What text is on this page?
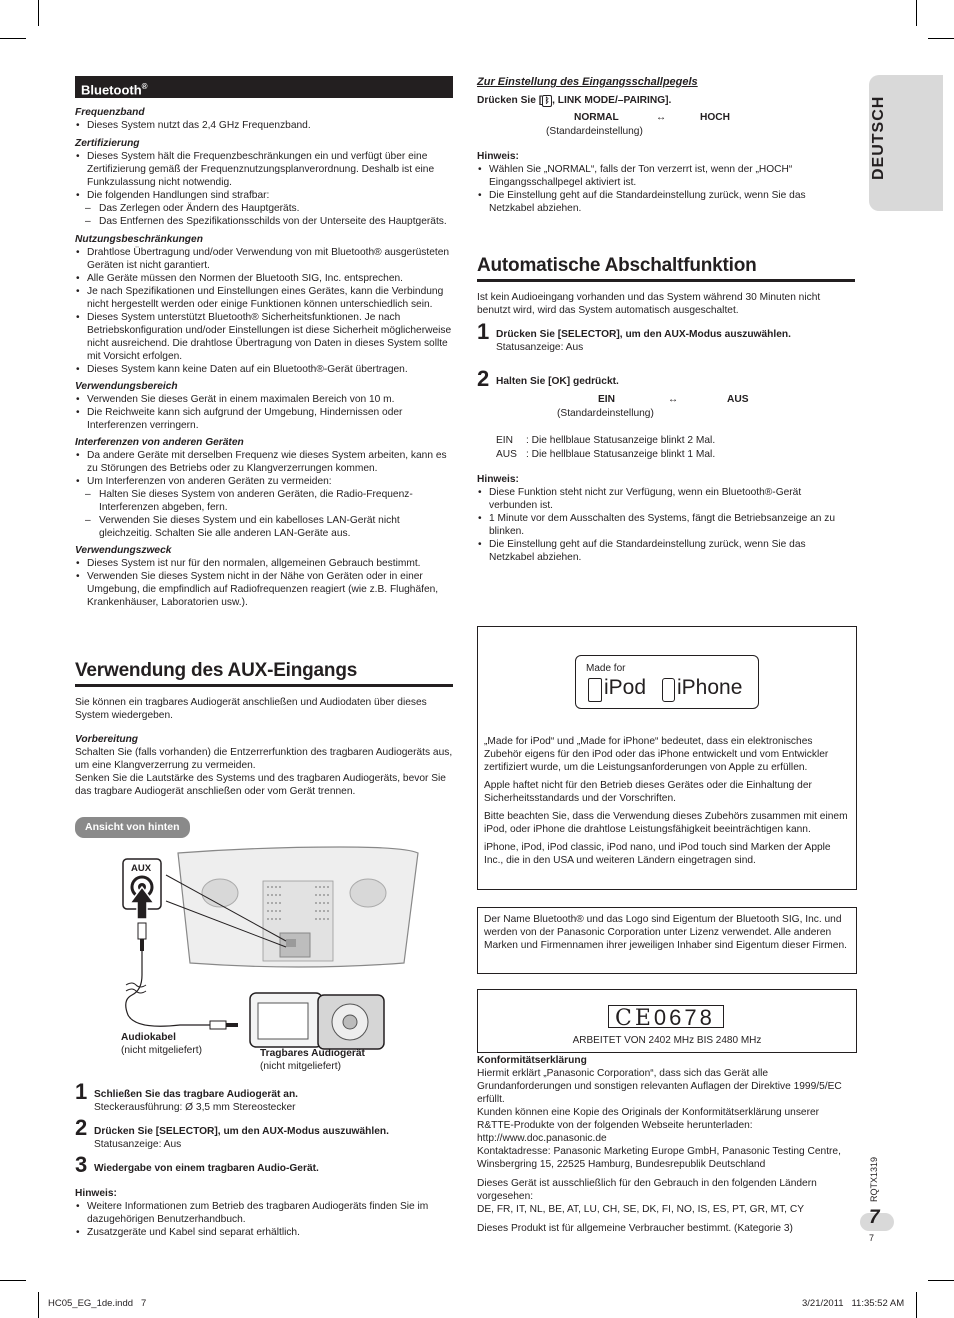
DEUTSCH
Bluetooth®

Frequenzband

• Dieses System nutzt das 2,4 GHz Frequenzband.

Zertifizierung

• Dieses System hält die Frequenzbeschränkungen ein und verfügt über eine Zertifizierung gemäß der Frequenznutzungsplanverordnung. Deshalb ist eine Funkzulassung nicht notwendig.
• Die folgenden Handlungen sind strafbar:
– Das Zerlegen oder Ändern des Hauptgeräts.
– Das Entfernen des Spezifikationsschilds von der Unterseite des Hauptgeräts.

Nutzungsbeschränkungen

• Drahtlose Übertragung und/oder Verwendung von mit Bluetooth® ausgerüsteten Geräten ist nicht garantiert.
• Alle Geräte müssen den Normen der Bluetooth SIG, Inc. entsprechen.
• Je nach Spezifikationen und Einstellungen eines Gerätes, kann die Verbindung nicht hergestellt werden oder einige Funktionen können unterschiedlich sein.
• Dieses System unterstützt Bluetooth® Sicherheitsfunktionen. Je nach Betriebskonfiguration und/oder Einstellungen ist diese Sicherheit möglicherweise nicht ausreichend. Die drahtlose Übertragung von Daten in dieses System sollte mit Vorsicht erfolgen.
• Dieses System kann keine Daten auf ein Bluetooth®-Gerät übertragen.

Verwendungsbereich

• Verwenden Sie dieses Gerät in einem maximalen Bereich von 10 m.
• Die Reichweite kann sich aufgrund der Umgebung, Hindernissen oder Interferenzen verringern.

Interferenzen von anderen Geräten

• Da andere Geräte mit derselben Frequenz wie dieses System arbeiten, kann es zu Störungen des Betriebs oder zu Klangverzerrungen kommen.
• Um Interferenzen von anderen Geräten zu vermeiden:
– Halten Sie dieses System von anderen Geräten, die Radio-Frequenz-Interferenzen abgeben, fern.
– Verwenden Sie dieses System und ein kabelloses LAN-Gerät nicht gleichzeitig. Schalten Sie alle anderen LAN-Geräte aus.

Verwendungszweck

• Dieses System ist nur für den normalen, allgemeinen Gebrauch bestimmt.
• Verwenden Sie dieses System nicht in der Nähe von Geräten oder in einer Umgebung, die empfindlich auf Radiofrequenzen reagiert (wie z.B. Flughäfen, Krankenhäuser, Laboratorien usw.).
Verwendung des AUX-Eingangs

Sie können ein tragbares Audiogerät anschließen und Audiodaten über dieses System wiedergeben.

Vorbereitung

Schalten Sie (falls vorhanden) die Entzerrerfunktion des tragbaren Audiogeräts aus, um eine Klangverzerrung zu vermeiden.

Senken Sie die Lautstärke des Systems und des tragbaren Audiogeräts, bevor Sie das tragbare Audiogerät anschließen oder vom Gerät trennen.

Ansicht von hinten
AUX

Audiokabel

(nicht mitgeliefert)	Tragbares Audiogerät

(nicht mitgeliefert)

1 Schließen Sie das tragbare Audiogerät an.

Steckerausführung: Ø 3,5 mm Stereostecker

2 Drücken Sie [SELECTOR], um den AUX-Modus auszuwählen.

Statusanzeige: Aus

3 Wiedergabe von einem tragbaren Audio-Gerät.

Hinweis:

• Weitere Informationen zum Betrieb des tragbaren Audiogeräts finden Sie im dazugehörigen Benutzerhandbuch.
• Zusatzgeräte und Kabel sind separat erhältlich.

Zur Einstellung des Eingangsschallpegels

Drücken Sie [ ᛒ , LINK MODE/–PAIRING].

NORMAL	↔	HOCH
(Standardeinstellung)

Hinweis:

• Wählen Sie „NORMAL“, falls der Ton verzerrt ist, wenn der „HOCH“ Eingangsschallpegel aktiviert ist.
• Die Einstellung geht auf die Standardeinstellung zurück, wenn Sie das Netzkabel abziehen.
Automatische Abschaltfunktion
Ist kein Audioeingang vorhanden und das System während 30 Minuten nicht benutzt wird, wird das System automatisch ausgeschaltet.
1 Drücken Sie [SELECTOR], um den AUX-Modus auszuwählen.

Statusanzeige: Aus

2 Halten Sie [OK] gedrückt.
EIN	↔	AUS
(Standardeinstellung)
EIN : Die hellblaue Statusanzeige blinkt 2 Mal.
AUS : Die hellblaue Statusanzeige blinkt 1 Mal.

Hinweis:

• Diese Funktion steht nicht zur Verfügung, wenn ein Bluetooth®-Gerät verbunden ist.
• 1 Minute vor dem Ausschalten des Systems, fängt die Betriebsanzeige an zu blinken.
• Die Einstellung geht auf die Standardeinstellung zurück, wenn Sie das Netzkabel abziehen.
Made for
iPod iPhone

„Made for iPod“ und „Made for iPhone“ bedeutet, dass ein elektronisches Zubehör eigens für den iPod oder das iPhone entwickelt und vom Entwickler zertifiziert wurde, um die Leistungsanforderungen von Apple zu erfüllen.

Apple haftet nicht für den Betrieb dieses Gerätes oder die Einhaltung der Sicherheitsstandards und der Vorschriften.

Bitte beachten Sie, dass die Verwendung dieses Zubehörs zusammen mit einem iPod, oder iPhone die drahtlose Leistungsfähigkeit beeinträchtigen kann.

iPhone, iPod, iPod classic, iPod nano, und iPod touch sind Marken der Apple Inc., die in den USA und weiteren Ländern eingetragen sind.

Der Name Bluetooth® und das Logo sind Eigentum der Bluetooth SIG, Inc. und werden von der Panasonic Corporation unter Lizenz verwendet. Alle anderen Marken und Firmennamen ihrer jeweiligen Inhaber sind Eigentum dieser Firmen.

CE0678

ARBEITET VON 2402 MHz BIS 2480 MHz

Konformitätserklärung

Hiermit erklärt „Panasonic Corporation“, dass sich das Gerät alle Grundanforderungen und sonstigen relevanten Auflagen der Direktive 1999/5/EC erfüllt.

Kunden können eine Kopie des Originals der Konformitätserklärung unserer R&TTE-Produkte von der folgenden Webseite herunterladen:

http://www.doc.panasonic.de

Kontaktadresse: Panasonic Marketing Europe GmbH, Panasonic Testing Centre, Winsbergring 15, 22525 Hamburg, Bundesrepublik Deutschland

Dieses Gerät ist ausschließlich für den Gebrauch in den folgenden Ländern vorgesehen:

DE, FR, IT, NL, BE, AT, LU, CH, SE, DK, FI, NO, IS, ES, PT, GR, MT, CY

Dieses Produkt ist für allgemeine Verbraucher bestimmt. (Kategorie 3)

RQTX1319
7
7
HC05_EG_1de.indd   7	3/21/2011   11:35:52 AM
